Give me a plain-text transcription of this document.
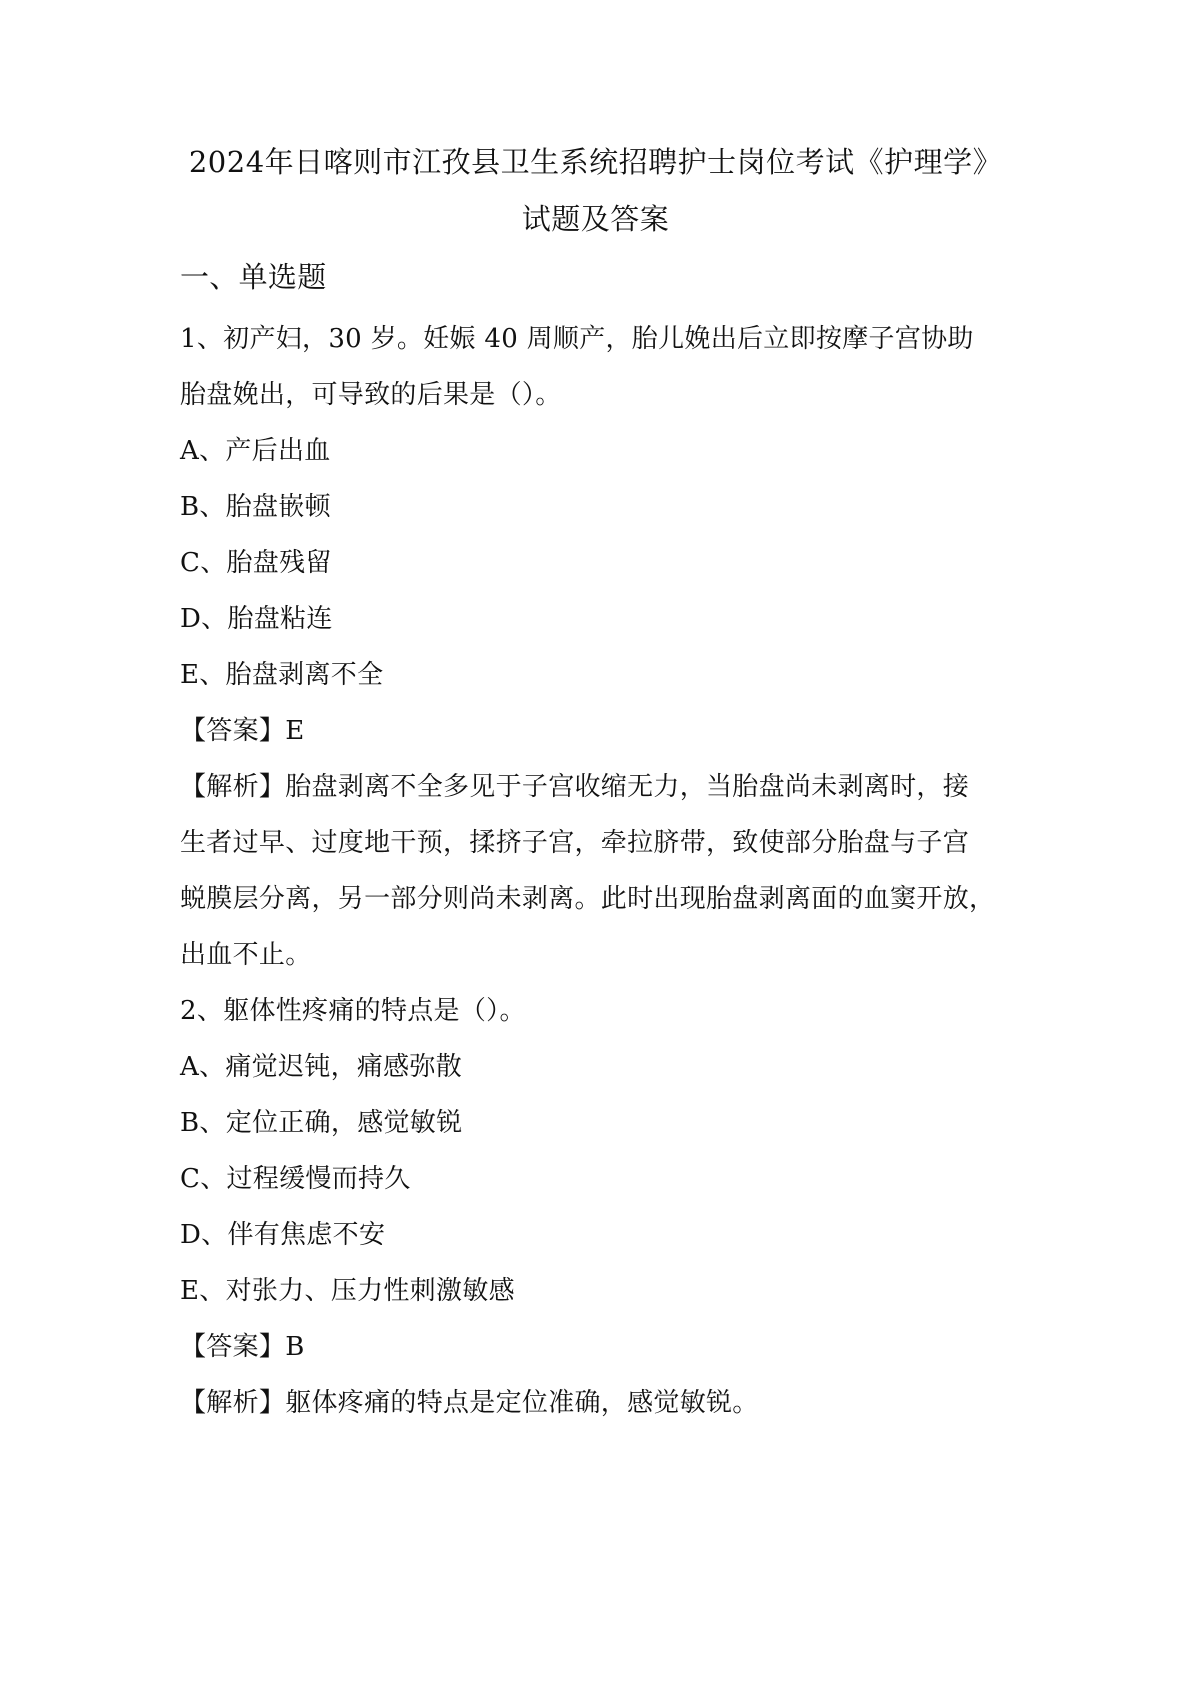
2024年日喀则市江孜县卫生系统招聘护士岗位考试《护理学》
试题及答案
一、单选题
1、初产妇，30 岁。妊娠 40 周顺产，胎儿娩出后立即按摩子宫协助
胎盘娩出，可导致的后果是（）。
A、产后出血
B、胎盘嵌顿
C、胎盘残留
D、胎盘粘连
E、胎盘剥离不全
【答案】E
【解析】胎盘剥离不全多见于子宫收缩无力，当胎盘尚未剥离时，接
生者过早、过度地干预，揉挤子宫，牵拉脐带，致使部分胎盘与子宫
蜕膜层分离，另一部分则尚未剥离。此时出现胎盘剥离面的血窦开放，
出血不止。
2、躯体性疼痛的特点是（）。
A、痛觉迟钝，痛感弥散
B、定位正确，感觉敏锐
C、过程缓慢而持久
D、伴有焦虑不安
E、对张力、压力性刺激敏感
【答案】B
【解析】躯体疼痛的特点是定位准确，感觉敏锐。
